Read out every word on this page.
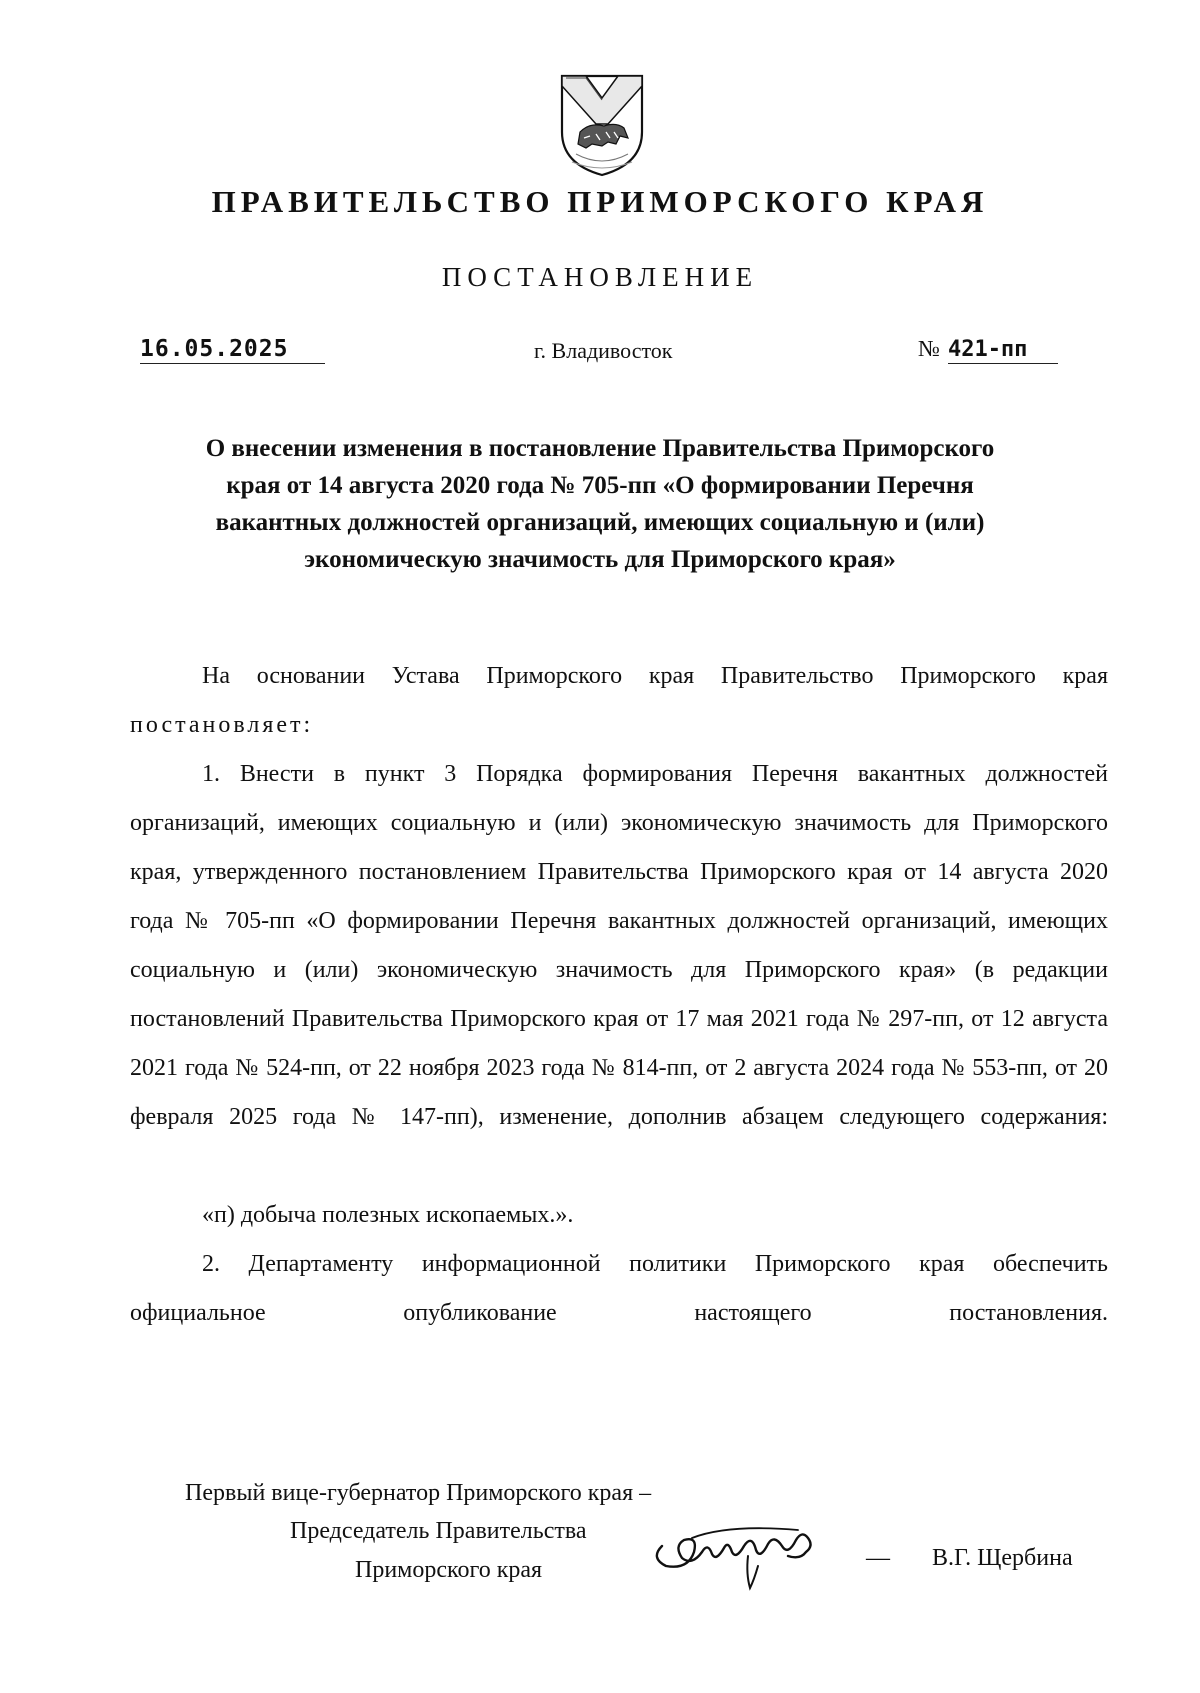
ПРАВИТЕЛЬСТВО ПРИМОРСКОГО КРАЯ
ПОСТАНОВЛЕНИЕ
16.05.2025	г. Владивосток	№ 421-пп
О внесении изменения в постановление Правительства Приморского края от 14 августа 2020 года № 705-пп «О формировании Перечня вакантных должностей организаций, имеющих социальную и (или) экономическую значимость для Приморского края»
На основании Устава Приморского края Правительство Приморского края постановляет:
1. Внести в пункт 3 Порядка формирования Перечня вакантных должностей организаций, имеющих социальную и (или) экономическую значимость для Приморского края, утвержденного постановлением Правительства Приморского края от 14 августа 2020 года № 705-пп «О формировании Перечня вакантных должностей организаций, имеющих социальную и (или) экономическую значимость для Приморского края» (в редакции постановлений Правительства Приморского края от 17 мая 2021 года № 297-пп, от 12 августа 2021 года № 524-пп, от 22 ноября 2023 года № 814-пп, от 2 августа 2024 года № 553-пп, от 20 февраля 2025 года № 147-пп), изменение, дополнив абзацем следующего содержания:
«п) добыча полезных ископаемых.».
2. Департаменту информационной политики Приморского края обеспечить официальное опубликование настоящего постановления.
Первый вице-губернатор Приморского края –
Председатель Правительства
Приморского края	— В.Г. Щербина
